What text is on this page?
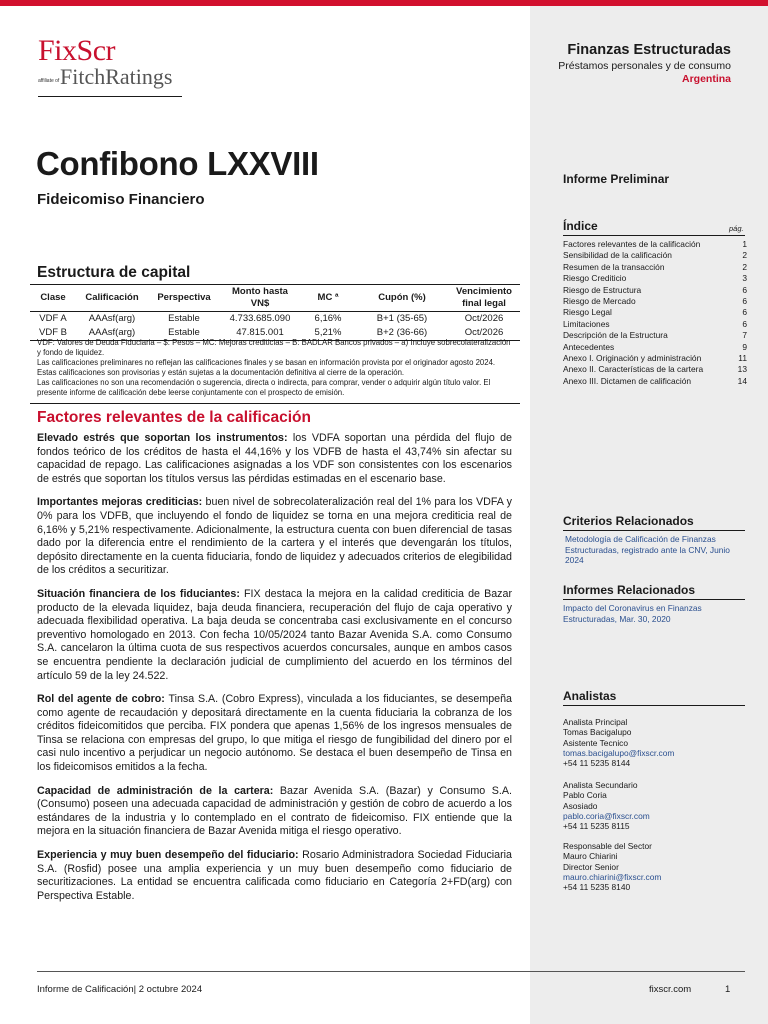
FixScr
affiliate of FitchRatings
Finanzas Estructuradas
Préstamos personales y de consumo
Argentina
Confibono LXXVIII
Fideicomiso Financiero
Estructura de capital
Clase	Calificación	Perspectiva	Monto hasta VN$	MC ª	Cupón (%)	Vencimiento final legal
VDF A	AAAsf(arg)	Estable	4.733.685.090	6,16%	B+1 (35-65)	Oct/2026
VDF B	AAAsf(arg)	Estable	47.815.001	5,21%	B+2 (36-66)	Oct/2026
VDF: Valores de Deuda Fiduciaria – $: Pesos – MC: Mejoras crediticias – B: BADLAR Bancos privados – a) Incluye sobrecolateralización y fondo de liquidez.
Las calificaciones preliminares no reflejan las calificaciones finales y se basan en información provista por el originador agosto 2024. Estas calificaciones son provisorias y están sujetas a la documentación definitiva al cierre de la operación.
Las calificaciones no son una recomendación o sugerencia, directa o indirecta, para comprar, vender o adquirir algún título valor. El presente informe de calificación debe leerse conjuntamente con el prospecto de emisión.
Factores relevantes de la calificación

Elevado estrés que soportan los instrumentos: los VDFA soportan una pérdida del flujo de fondos teórico de los créditos de hasta el 44,16% y los VDFB de hasta el 43,74% sin afectar su capacidad de repago. Las calificaciones asignadas a los VDF son consistentes con los escenarios de estrés que soportan los títulos versus las pérdidas estimadas en el escenario base.

Importantes mejoras crediticias: buen nivel de sobrecolateralización real del 1% para los VDFA y 0% para los VDFB, que incluyendo el fondo de liquidez se torna en una mejora crediticia real de 6,16% y 5,21% respectivamente. Adicionalmente, la estructura cuenta con buen diferencial de tasas dado por la diferencia entre el rendimiento de la cartera y el interés que devengarán los títulos, depósito directamente en la cuenta fiduciaria, fondo de liquidez y adecuados criterios de elegibilidad de los créditos a securitizar.

Situación financiera de los fiduciantes: FIX destaca la mejora en la calidad crediticia de Bazar producto de la elevada liquidez, baja deuda financiera, recuperación del flujo de caja operativo y adecuada flexibilidad operativa. La baja deuda se concentraba casi exclusivamente en el concurso preventivo homologado en 2013. Con fecha 10/05/2024 tanto Bazar Avenida S.A. como Consumo S.A. cancelaron la última cuota de sus respectivos acuerdos concursales, aunque en ambos casos se encuentra pendiente la declaración judicial de cumplimiento del acuerdo en los términos del artículo 59 de la ley 24.522.

Rol del agente de cobro: Tinsa S.A. (Cobro Express), vinculada a los fiduciantes, se desempeña como agente de recaudación y depositará directamente en la cuenta fiduciaria la cobranza de los créditos fideicomitidos que perciba. FIX pondera que apenas 1,56% de los ingresos mensuales de Tinsa se relaciona con empresas del grupo, lo que mitiga el riesgo de fungibilidad del dinero por el casi nulo incentivo a perjudicar un negocio autónomo. Se destaca el buen desempeño de Tinsa en los fideicomisos emitidos a la fecha.

Capacidad de administración de la cartera: Bazar Avenida S.A. (Bazar) y Consumo S.A. (Consumo) poseen una adecuada capacidad de administración y gestión de cobro de acuerdo a los estándares de la industria y lo contemplado en el contrato de fideicomiso. FIX entiende que la mejora en la situación financiera de Bazar Avenida mitiga el riesgo operativo.

Experiencia y muy buen desempeño del fiduciario: Rosario Administradora Sociedad Fiduciaria S.A. (Rosfid) posee una amplia experiencia y un muy buen desempeño como fiduciario de securitizaciones. La entidad se encuentra calificada como fiduciario en Categoría 2+FD(arg) con Perspectiva Estable.

Informe Preliminar
Índice	pág.
Factores relevantes de la calificación	1
Sensibilidad de la calificación	2
Resumen de la transacción	2
Riesgo Crediticio	3
Riesgo de Estructura	6
Riesgo de Mercado	6
Riesgo Legal	6
Limitaciones	6
Descripción de la Estructura	7
Antecedentes	9
Anexo I. Originación y administración	11
Anexo II. Características de la cartera	13
Anexo III. Dictamen de calificación	14
Criterios Relacionados
Metodología de Calificación de Finanzas Estructuradas, registrado ante la CNV, Junio 2024
Informes Relacionados
Impacto del Coronavirus en Finanzas Estructuradas, Mar. 30, 2020
Analistas
Analista Principal
Tomas Bacigalupo
Asistente Tecnico
tomas.bacigalupo@fixscr.com
+54 11 5235 8144
Analista Secundario
Pablo Coria
Asosiado
pablo.coria@fixscr.com
+54 11 5235 8115
Responsable del Sector
Mauro Chiarini
Director Senior
mauro.chiarini@fixscr.com
+54 11 5235 8140
Informe de Calificación| 2 octubre 2024	fixscr.com	1
